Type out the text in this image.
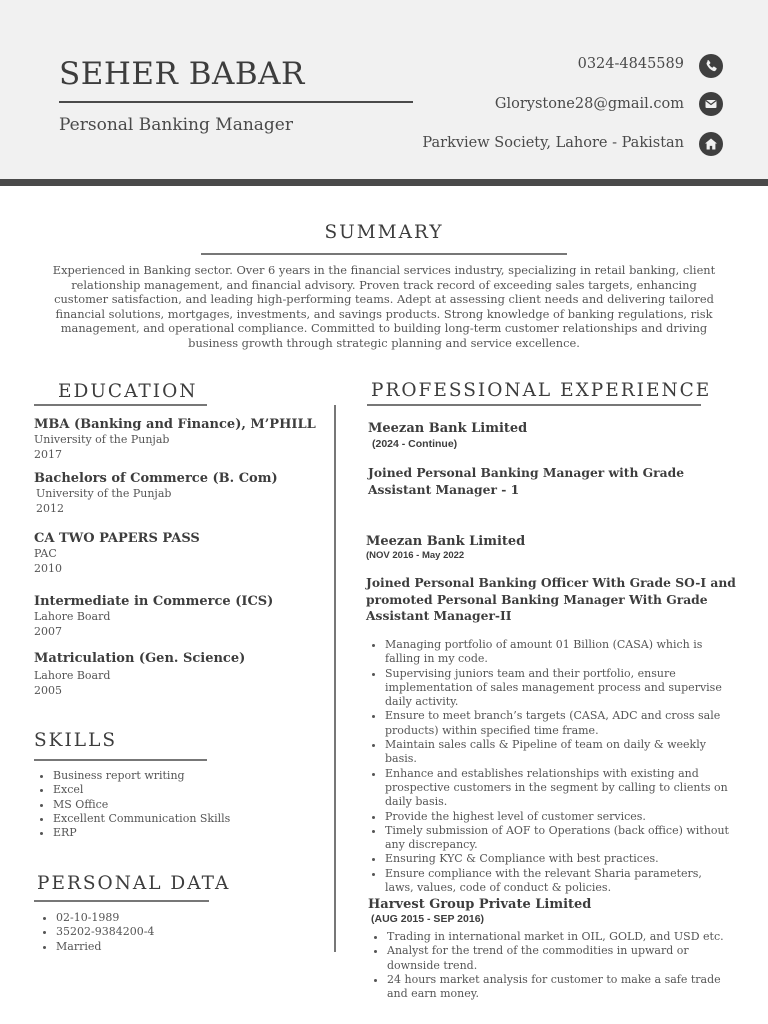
SEHER BABAR
Personal Banking Manager
0324-4845589
Glorystone28@gmail.com
Parkview Society, Lahore - Pakistan
SUMMARY
Experienced in Banking sector. Over 6 years in the financial services industry, specializing in retail banking, client relationship management, and financial advisory. Proven track record of exceeding sales targets, enhancing customer satisfaction, and leading high-performing teams. Adept at assessing client needs and delivering tailored financial solutions, mortgages, investments, and savings products. Strong knowledge of banking regulations, risk management, and operational compliance. Committed to building long-term customer relationships and driving business growth through strategic planning and service excellence.
EDUCATION
MBA (Banking and Finance), M’PHILL
University of the Punjab
2017
Bachelors of Commerce (B. Com)
University of the Punjab
2012
CA TWO PAPERS PASS
PAC
2010
Intermediate in Commerce (ICS)
Lahore Board
2007
Matriculation (Gen. Science)
Lahore Board
2005
SKILLS
• Business report writing
• Excel
• MS Office
• Excellent Communication Skills
• ERP
PERSONAL DATA
• 02-10-1989
• 35202-9384200-4
• Married
PROFESSIONAL EXPERIENCE
Meezan Bank Limited
(2024 - Continue)
Joined Personal Banking Manager with Grade Assistant Manager - 1
Meezan Bank Limited
(NOV 2016 - May 2022
Joined Personal Banking Officer With Grade SO-I and promoted Personal Banking Manager With Grade Assistant Manager-II
• Managing portfolio of amount 01 Billion (CASA) which is falling in my code.
• Supervising juniors team and their portfolio, ensure implementation of sales management process and supervise daily activity.
• Ensure to meet branch’s targets (CASA, ADC and cross sale products) within specified time frame.
• Maintain sales calls & Pipeline of team on daily & weekly basis.
• Enhance and establishes relationships with existing and prospective customers in the segment by calling to clients on daily basis.
• Provide the highest level of customer services.
• Timely submission of AOF to Operations (back office) without any discrepancy.
• Ensuring KYC & Compliance with best practices.
• Ensure compliance with the relevant Sharia parameters, laws, values, code of conduct & policies.
Harvest Group Private Limited
(AUG 2015 - SEP 2016)
• Trading in international market in OIL, GOLD, and USD etc.
• Analyst for the trend of the commodities in upward or downside trend.
• 24 hours market analysis for customer to make a safe trade and earn money.
